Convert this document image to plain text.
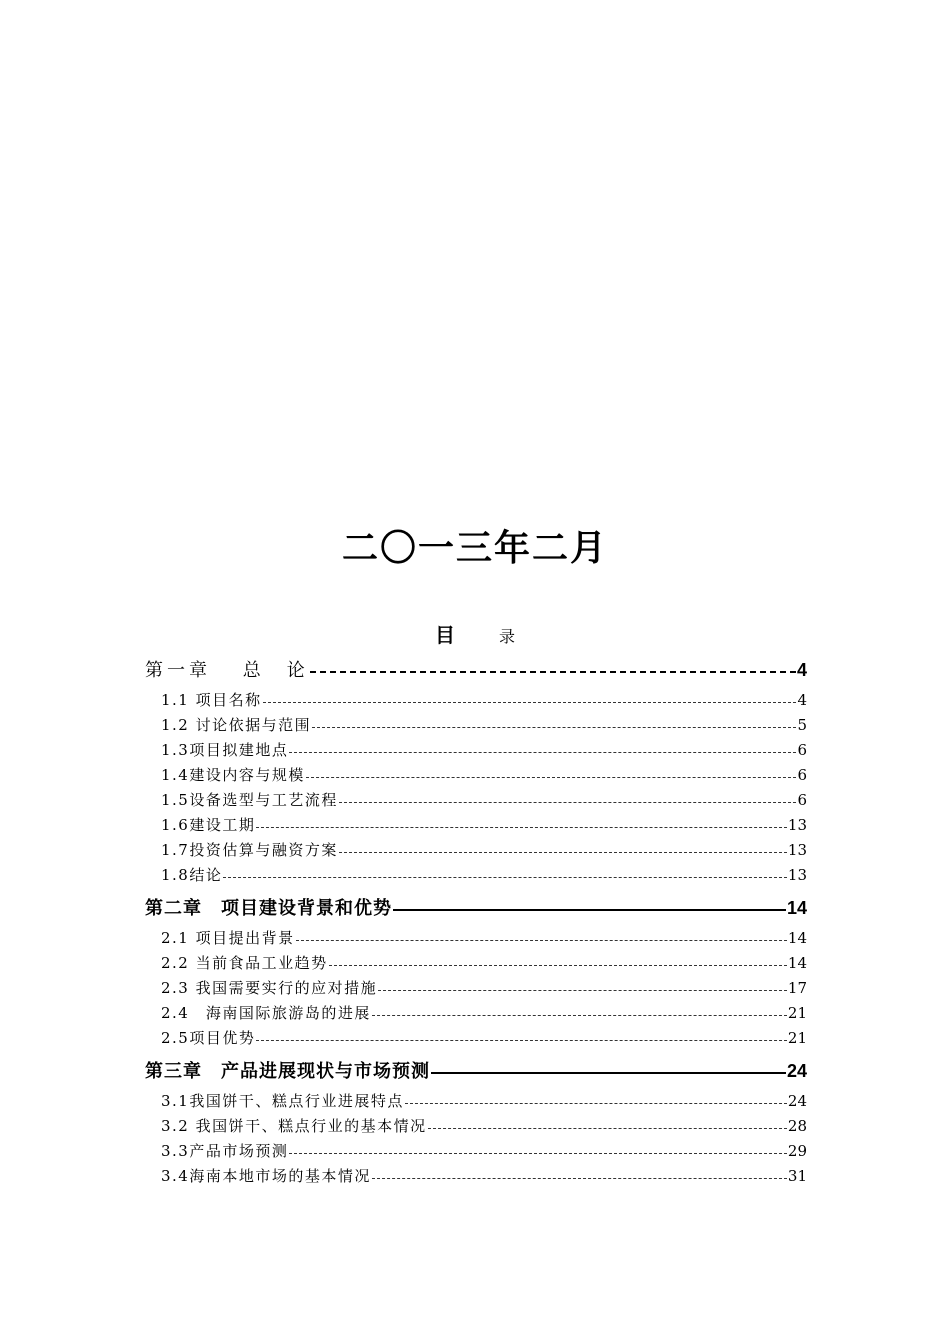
二〇一三年二月
目	录
第一章　 总　论	4
1.1 项目名称	4
1.2 讨论依据与范围	5
1.3项目拟建地点	6
1.4建设内容与规模	6
1.5设备选型与工艺流程	6
1.6建设工期	13
1.7投资估算与融资方案	13
1.8结论	13
第二章　项目建设背景和优势	14
2.1 项目提出背景	14
2.2 当前食品工业趋势	14
2.3 我国需要实行的应对措施	17
2.4　海南国际旅游岛的进展	21
2.5项目优势	21
第三章　产品进展现状与市场预测	24
3.1我国饼干、糕点行业进展特点	24
3.2 我国饼干、糕点行业的基本情况	28
3.3产品市场预测	29
3.4海南本地市场的基本情况	31
